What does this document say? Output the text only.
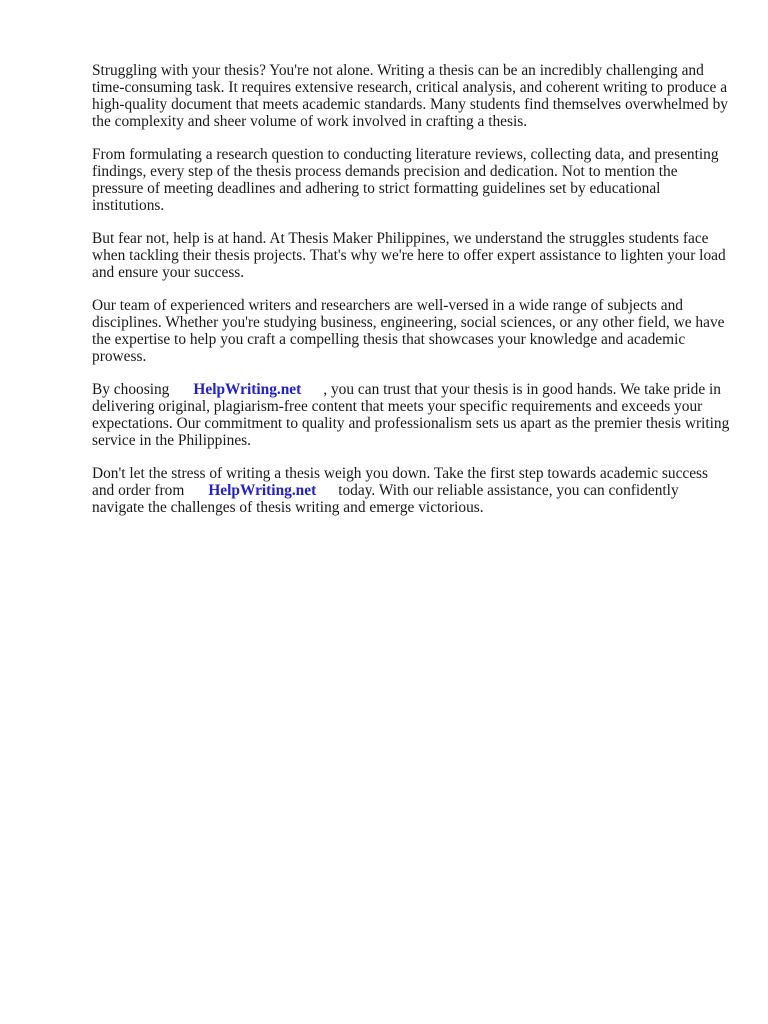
Struggling with your thesis? You're not alone. Writing a thesis can be an incredibly challenging and time-consuming task. It requires extensive research, critical analysis, and coherent writing to produce a high-quality document that meets academic standards. Many students find themselves overwhelmed by the complexity and sheer volume of work involved in crafting a thesis.

From formulating a research question to conducting literature reviews, collecting data, and presenting findings, every step of the thesis process demands precision and dedication. Not to mention the pressure of meeting deadlines and adhering to strict formatting guidelines set by educational institutions.

But fear not, help is at hand. At Thesis Maker Philippines, we understand the struggles students face when tackling their thesis projects. That's why we're here to offer expert assistance to lighten your load and ensure your success.

Our team of experienced writers and researchers are well-versed in a wide range of subjects and disciplines. Whether you're studying business, engineering, social sciences, or any other field, we have the expertise to help you craft a compelling thesis that showcases your knowledge and academic prowess.

By choosing HelpWriting.net , you can trust that your thesis is in good hands. We take pride in delivering original, plagiarism-free content that meets your specific requirements and exceeds your expectations. Our commitment to quality and professionalism sets us apart as the premier thesis writing service in the Philippines.

Don't let the stress of writing a thesis weigh you down. Take the first step towards academic success and order from HelpWriting.net today. With our reliable assistance, you can confidently navigate the challenges of thesis writing and emerge victorious.
